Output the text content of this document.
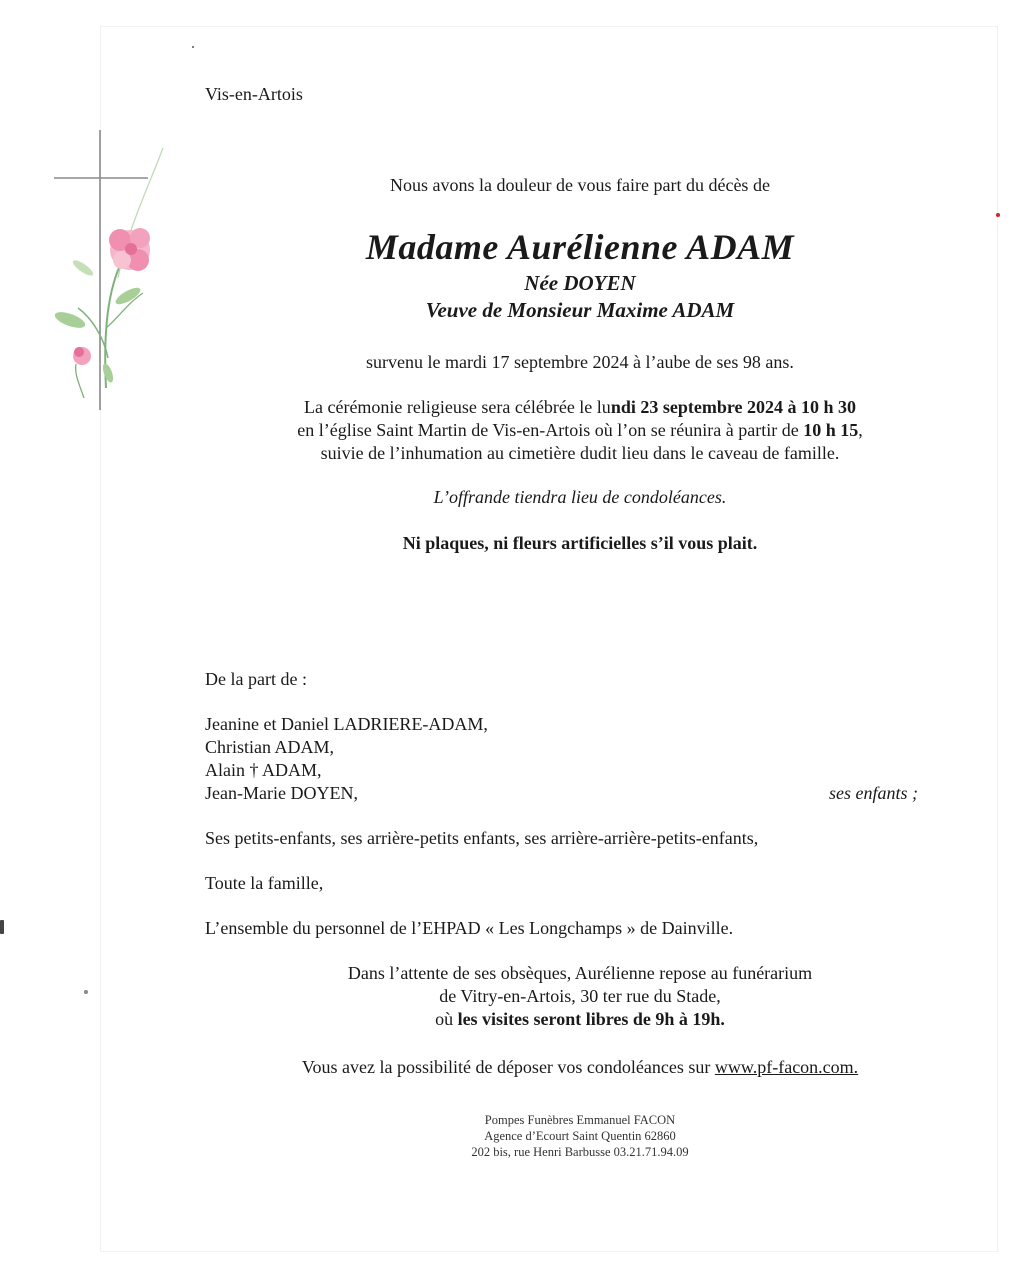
Vis-en-Artois
Nous avons la douleur de vous faire part du décès de
Madame Aurélienne ADAM
Née DOYEN
Veuve de Monsieur Maxime ADAM
survenu le mardi 17 septembre 2024 à l’aube de ses 98 ans.
La cérémonie religieuse sera célébrée le lundi 23 septembre 2024 à 10 h 30
en l’église Saint Martin de Vis-en-Artois où l’on se réunira à partir de 10 h 15,
suivie de l’inhumation au cimetière dudit lieu dans le caveau de famille.
L’offrande tiendra lieu de condoléances.
Ni plaques, ni fleurs artificielles s’il vous plait.
De la part de :
Jeanine et Daniel LADRIERE-ADAM,
Christian ADAM,
Alain † ADAM,
Jean-Marie DOYEN,	ses enfants ;
Ses petits-enfants, ses arrière-petits enfants, ses arrière-arrière-petits-enfants,
Toute la famille,
L’ensemble du personnel de l’EHPAD « Les Longchamps » de Dainville.
Dans l’attente de ses obsèques, Aurélienne repose au funérarium
de Vitry-en-Artois, 30 ter rue du Stade,
où les visites seront libres de 9h à 19h.
Vous avez la possibilité de déposer vos condoléances sur www.pf-facon.com.
Pompes Funèbres Emmanuel FACON
Agence d’Ecourt Saint Quentin 62860
202 bis, rue Henri Barbusse 03.21.71.94.09
